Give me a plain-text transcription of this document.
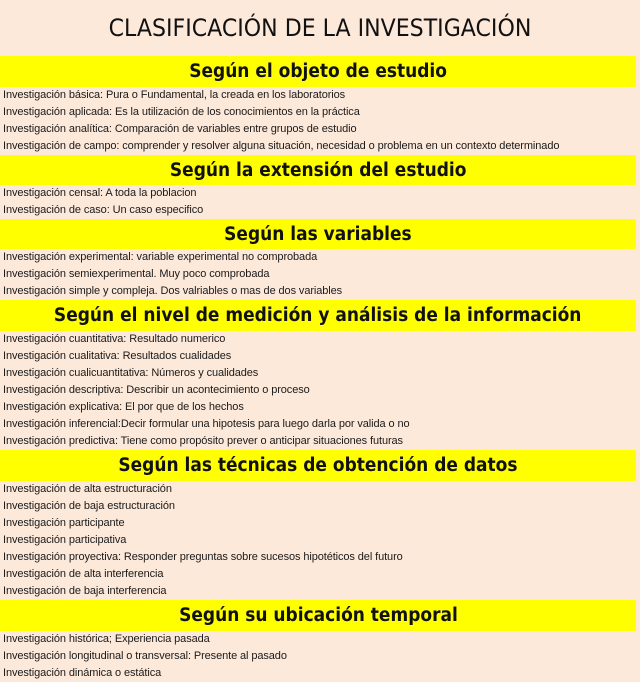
CLASIFICACIÓN DE LA INVESTIGACIÓN
Según el objeto de estudio
Investigación básica: Pura o Fundamental, la creada en los laboratorios
Investigación aplicada: Es la utilización de los conocimientos en la práctica
Investigación analítica: Comparación de variables entre grupos de estudio
Investigación de campo: comprender y resolver alguna situación, necesidad o problema en un contexto determinado
Según la extensión del estudio
Investigación censal: A toda la poblacion
Investigación de caso: Un caso especifico
Según las variables
Investigación experimental: variable experimental no comprobada
Investigación semiexperimental. Muy poco comprobada
Investigación simple y compleja. Dos valriables o mas de dos variables
Según el nivel de medición y análisis de la información
Investigación cuantitativa: Resultado numerico
Investigación cualitativa: Resultados cualidades
Investigación cualicuantitativa: Números y cualidades
Investigación descriptiva: Describir un acontecimiento o proceso
Investigación explicativa: El por que de los hechos
Investigación inferencial:Decir formular una hipotesis para luego darla por valida o no
Investigación predictiva: Tiene como propósito prever o anticipar situaciones futuras
Según las técnicas de obtención de datos
Investigación de alta estructuración
Investigación de baja estructuración
Investigación participante
Investigación participativa
Investigación proyectiva: Responder preguntas sobre sucesos hipotéticos del futuro
Investigación de alta interferencia
Investigación de baja interferencia
Según su ubicación temporal
Investigación histórica; Experiencia pasada
Investigación longitudinal o transversal: Presente al pasado
Investigación dinámica o estática
